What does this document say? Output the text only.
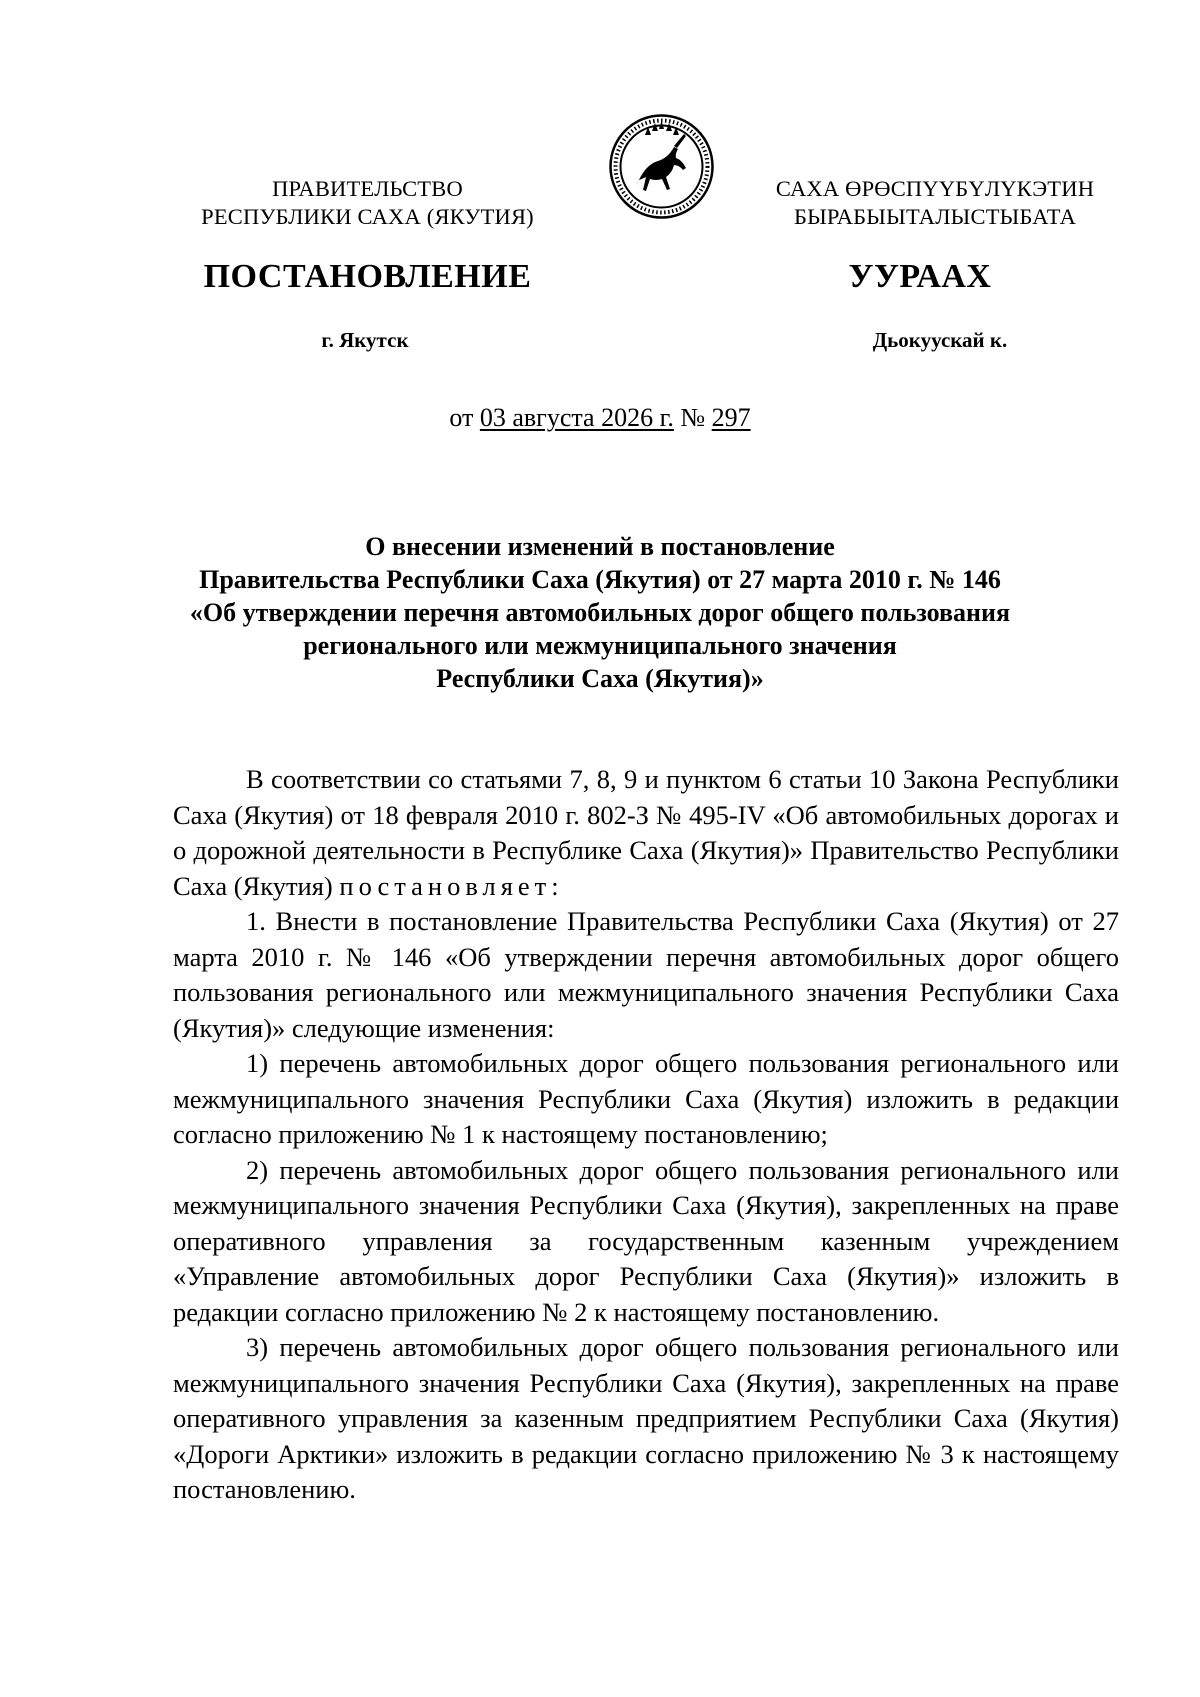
ПРАВИТЕЛЬСТВО
РЕСПУБЛИКИ САХА (ЯКУТИЯ)
САХА ӨРӨСПҮҮБҮЛҮКЭТИН
БЫРАБЫЫТАЛЫСТЫБАТА
ПОСТАНОВЛЕНИЕ	УУРААХ
г. Якутск	Дьокуускай к.
от 03 августа 2026 г. № 297
О внесении изменений в постановление
Правительства Республики Саха (Якутия) от 27 марта 2010 г. № 146
«Об утверждении перечня автомобильных дорог общего пользования
регионального или межмуниципального значения
Республики Саха (Якутия)»

В соответствии со статьями 7, 8, 9 и пунктом 6 статьи 10 Закона Республики Саха (Якутия) от 18 февраля 2010 г. 802-З № 495-IV «Об автомобильных дорогах и о дорожной деятельности в Республике Саха (Якутия)» Правительство Республики Саха (Якутия) постановляет:

1. Внести в постановление Правительства Республики Саха (Якутия) от 27 марта 2010 г. № 146 «Об утверждении перечня автомобильных дорог общего пользования регионального или межмуниципального значения Республики Саха (Якутия)» следующие изменения:

1) перечень автомобильных дорог общего пользования регионального или межмуниципального значения Республики Саха (Якутия) изложить в редакции согласно приложению № 1 к настоящему постановлению;

2) перечень автомобильных дорог общего пользования регионального или межмуниципального значения Республики Саха (Якутия), закрепленных на праве оперативного управления за государственным казенным учреждением «Управление автомобильных дорог Республики Саха (Якутия)» изложить в редакции согласно приложению № 2 к настоящему постановлению.

3) перечень автомобильных дорог общего пользования регионального или межмуниципального значения Республики Саха (Якутия), закрепленных на праве оперативного управления за казенным предприятием Республики Саха (Якутия) «Дороги Арктики» изложить в редакции согласно приложению № 3 к настоящему постановлению.
